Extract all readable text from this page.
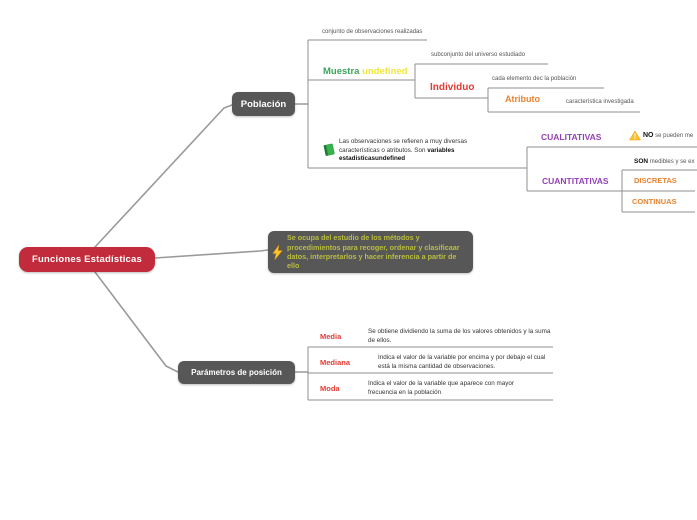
Funciones Estadísticas
Población
conjunto de observaciones realizadas
Muestra undefined
subconjunto del universo estudiado
Individuo
cada elemento dec la población
Atributo	característica investigada
Las observaciones se refieren a muy diversas características o atributos. Son variables estadisticasundefined
CUALITATIVAS	NO se pueden me
SON medibles y se ex
CUANTITATIVAS	DISCRETAS
CONTINUAS
Se ocupa del estudio de los métodos y procedimientos para recoger, ordenar y clasificaar datos, interpretarlos y hacer inferencia a partir de ello
Parámetros de posición
Media
Se obtiene dividiendo la suma de los valores obtenidos y la suma de ellos.
Mediana
Indica el valor de la variable por encima y por debajo el cual está la misma cantidad de observaciones.
Moda
Indica el valor de la variable que aparece con mayor frecuencia en la población
